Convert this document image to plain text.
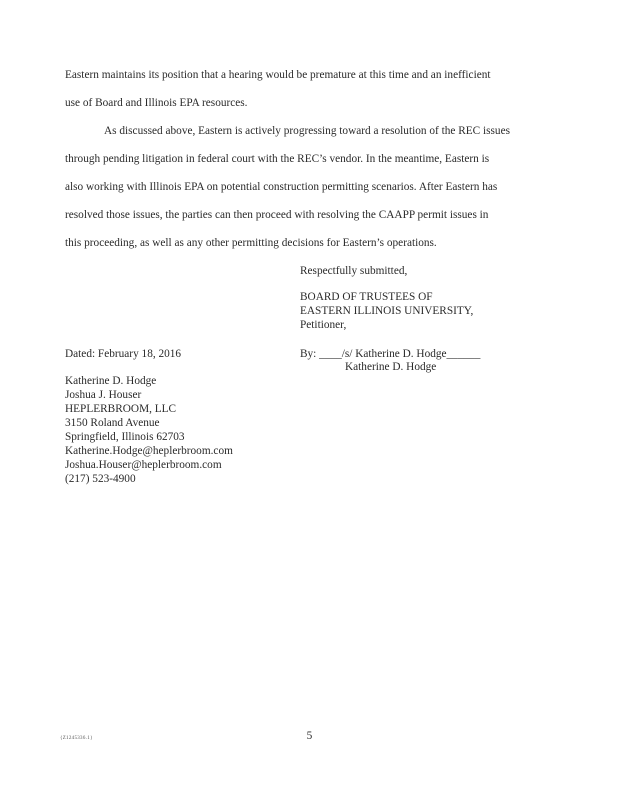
Eastern maintains its position that a hearing would be premature at this time and an inefficient
use of Board and Illinois EPA resources.
As discussed above, Eastern is actively progressing toward a resolution of the REC issues
through pending litigation in federal court with the REC’s vendor. In the meantime, Eastern is
also working with Illinois EPA on potential construction permitting scenarios. After Eastern has
resolved those issues, the parties can then proceed with resolving the CAAPP permit issues in
this proceeding, as well as any other permitting decisions for Eastern’s operations.
Respectfully submitted,
BOARD OF TRUSTEES OF
EASTERN ILLINOIS UNIVERSITY,
Petitioner,
Dated: February 18, 2016	By: ____/s/ Katherine D. Hodge______
Katherine D. Hodge
Katherine D. Hodge
Joshua J. Houser
HEPLERBROOM, LLC
3150 Roland Avenue
Springfield, Illinois 62703
Katherine.Hodge@heplerbroom.com
Joshua.Houser@heplerbroom.com
(217) 523-4900
{Z1245336.1}	5
